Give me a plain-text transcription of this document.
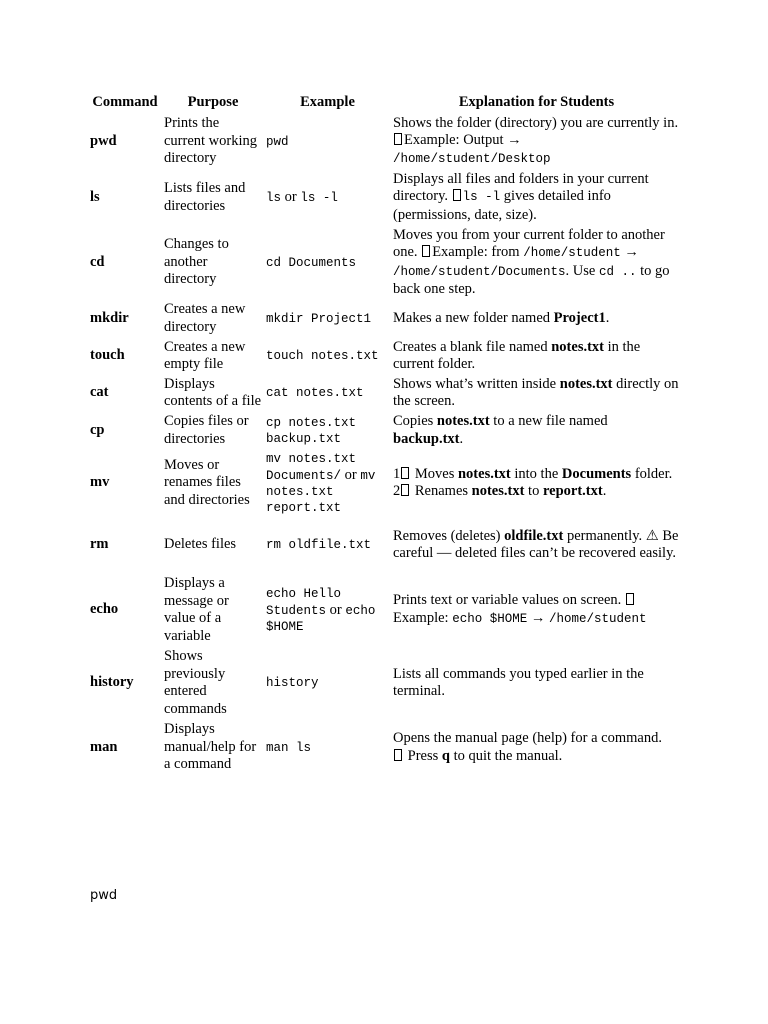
Command	Purpose	Example	Explanation for Students
pwd	Prints the current working directory	pwd	Shows the folder (directory) you are currently in. Example: Output →
/home/student/Desktop
ls	Lists files and directories	ls or ls -l	Displays all files and folders in your current directory. ls -l gives detailed info (permissions, date, size).
cd	Changes to another directory	cd Documents	Moves you from your current folder to another one. Example: from /home/student → /home/student/Documents. Use cd .. to go back one step.
mkdir	Creates a new directory	mkdir Project1	Makes a new folder named Project1.
touch	Creates a new empty file	touch notes.txt	Creates a blank file named notes.txt in the current folder.
cat	Displays contents of a file	cat notes.txt	Shows what’s written inside notes.txt directly on the screen.
cp	Copies files or directories	cp notes.txt backup.txt	Copies notes.txt to a new file named backup.txt.
mv	Moves or renames files and directories	mv notes.txt Documents/ or mv notes.txt report.txt	1 Moves notes.txt into the Documents folder. 2 Renames notes.txt to report.txt.
rm	Deletes files	rm oldfile.txt	Removes (deletes) oldfile.txt permanently. ⚠ Be careful — deleted files can’t be recovered easily.
echo	Displays a message or value of a variable	echo Hello Students or echo $HOME	Prints text or variable values on screen.  Example: echo $HOME → /home/student
history	Shows previously entered commands	history	Lists all commands you typed earlier in the terminal.
man	Displays manual/help for a command	man ls	Opens the manual page (help) for a command.
Press q to quit the manual.
pwd
